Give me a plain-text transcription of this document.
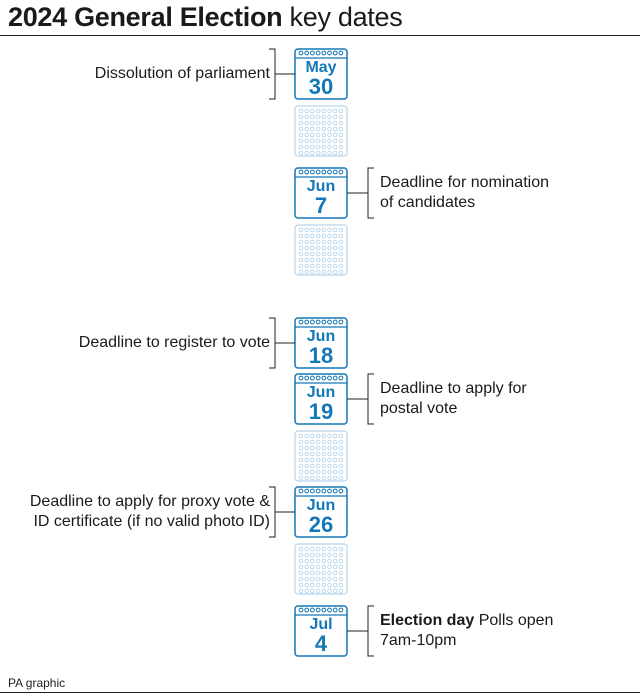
2024 General Election key dates
May
30
Jun
7
Jun
18
Jun
19
Jun
26
Jul
4
Dissolution of parliament
Deadline for nomination
of candidates
Deadline to register to vote
Deadline to apply for
postal vote
Deadline to apply for proxy vote &
ID certificate (if no valid photo ID)
Election day Polls open
7am-10pm
PA graphic
